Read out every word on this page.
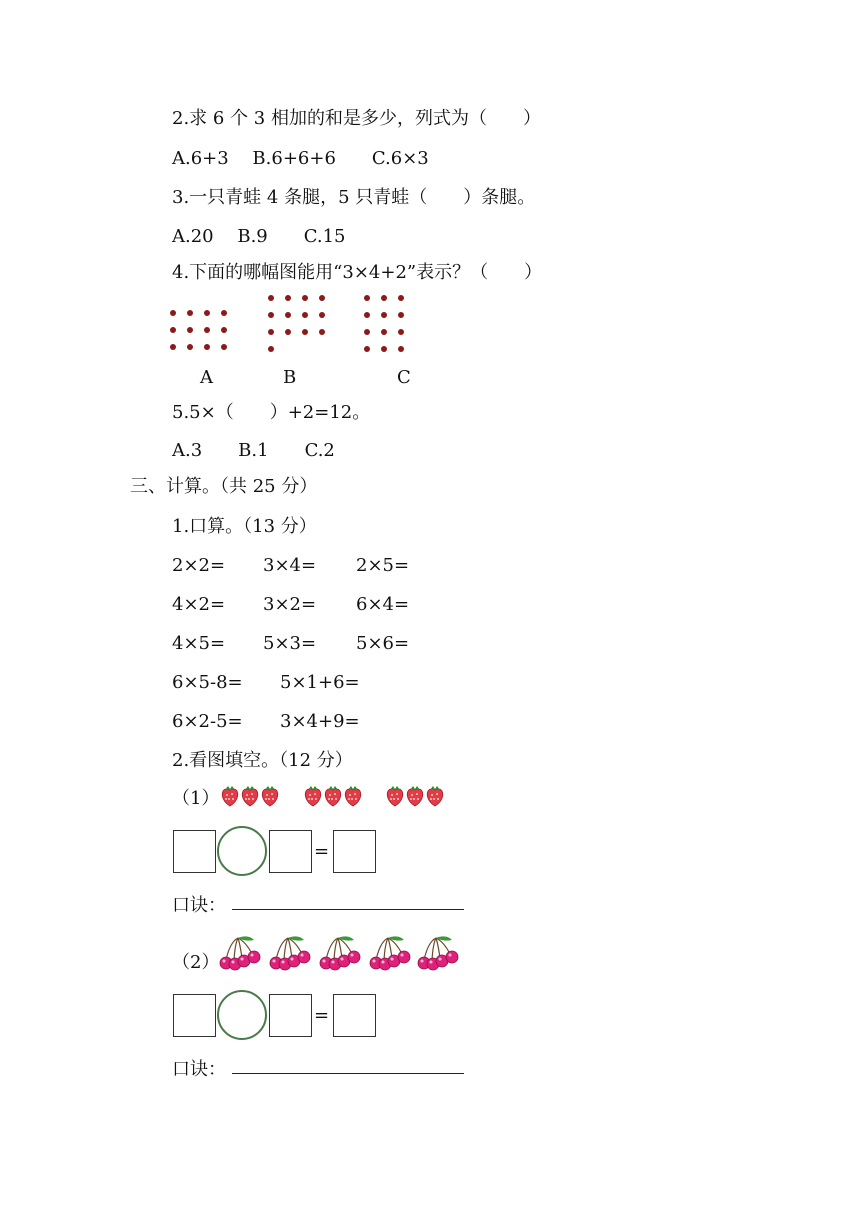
2.求 6 个 3 相加的和是多少，列式为（　　）
A.6+3　 B.6+6+6　　C.6×3
3.一只青蛙 4 条腿，5 只青蛙（　　）条腿。
A.20　 B.9　　C.15
4.下面的哪幅图能用“3×4+2”表示？（　　）
A	B	C
5.5×（　　）+2=12。
A.3　　B.1　　C.2
三、计算。（共 25 分）
1.口算。（13 分）
2×2= 3×4= 2×5=
4×2= 3×2= 6×4=
4×5= 5×3= 5×6=
6×5-8= 5×1+6=
6×2-5= 3×4+9=
2.看图填空。（12 分）
（1）
=
口诀：
（2）
=
口诀：
